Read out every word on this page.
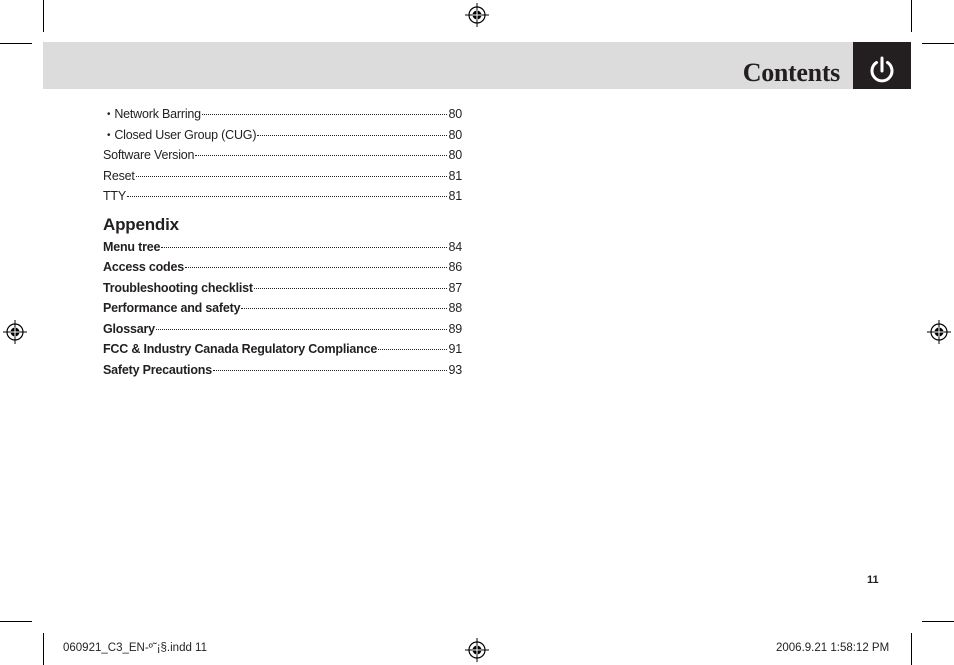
Contents
• Network Barring	80
• Closed User Group (CUG)	80
Software Version	80
Reset	81
TTY	81
Appendix
Menu tree	84
Access codes	86
Troubleshooting checklist	87
Performance and safety	88
Glossary	89
FCC & Industry Canada Regulatory Compliance	91
Safety Precautions	93
11
060921_C3_EN-º˜¡§.indd 11	2006.9.21 1:58:12 PM
